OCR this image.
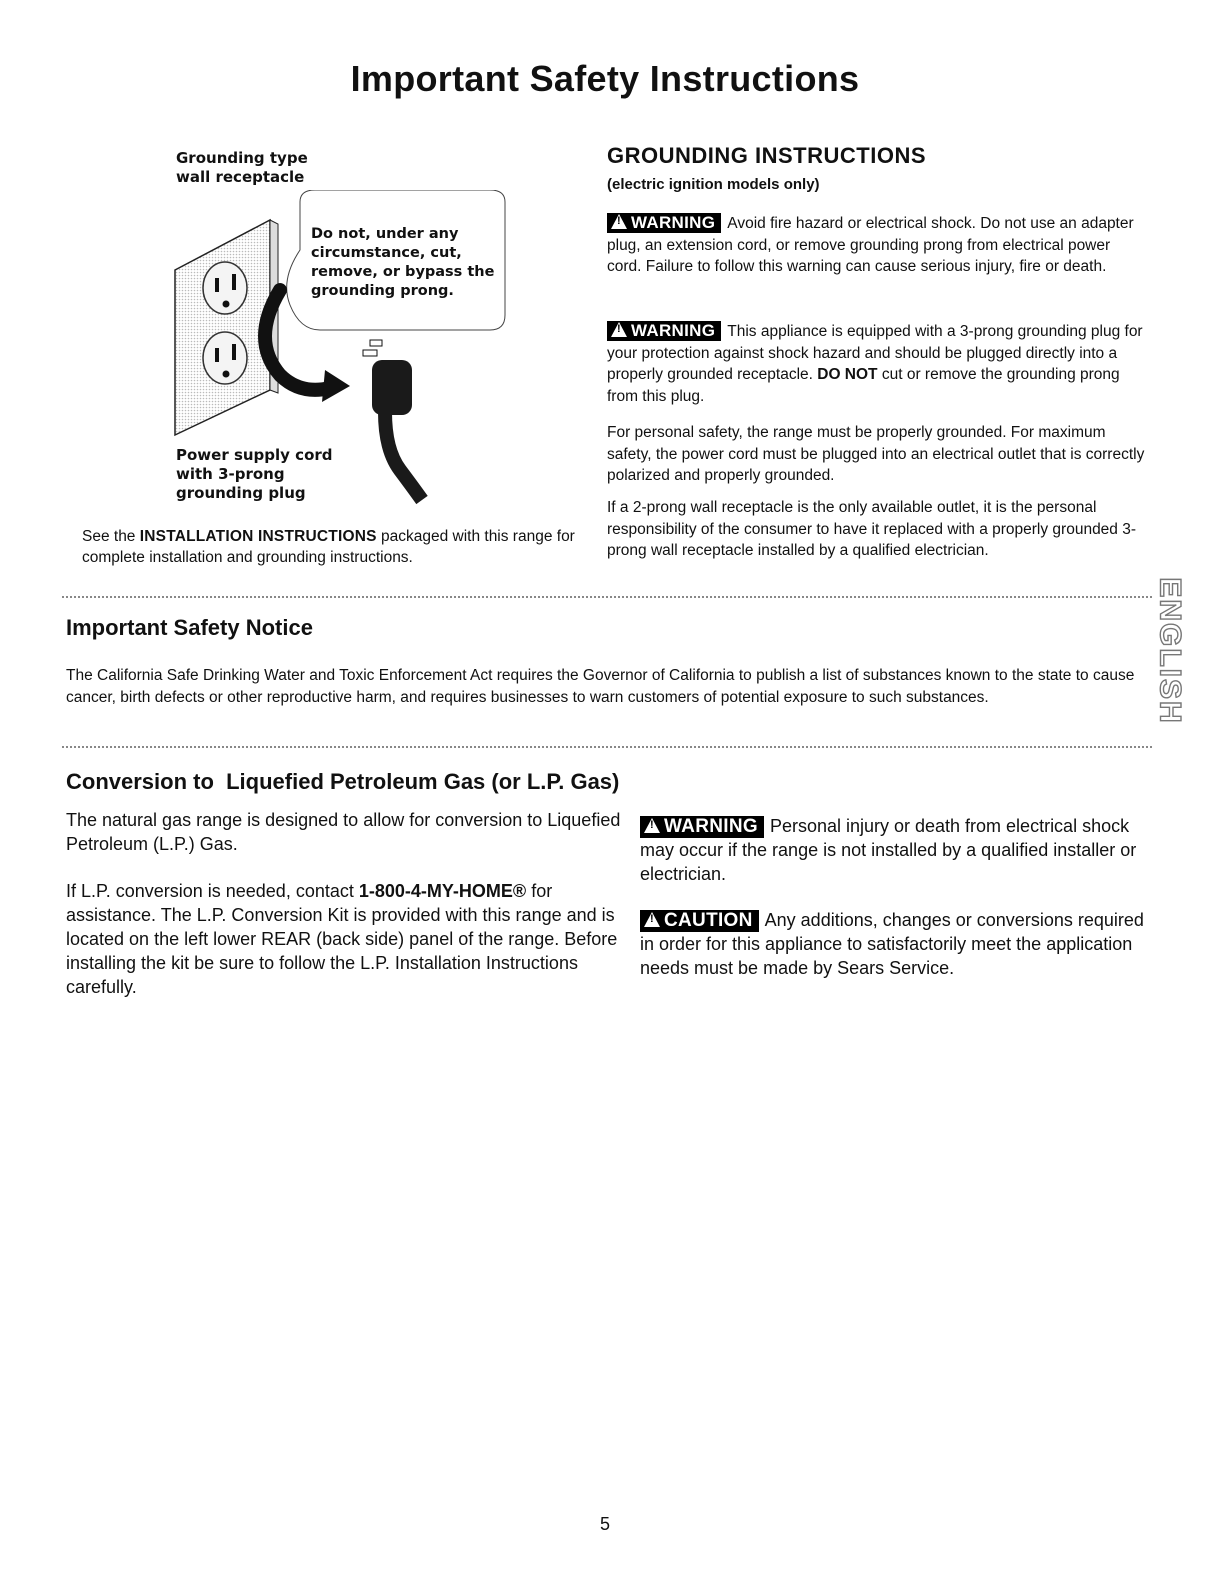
Important Safety Instructions
Grounding type
wall receptacle
Do not, under any circumstance, cut, remove, or bypass the grounding prong.
Power supply cord
with 3-prong
grounding plug
See the INSTALLATION INSTRUCTIONS packaged with this range for complete installation and grounding instructions.
GROUNDING INSTRUCTIONS
(electric ignition models only)
!WARNING Avoid fire hazard or electrical shock. Do not use an adapter plug, an extension cord, or remove grounding prong from electrical power cord. Failure to follow this warning can cause serious injury, fire or death.
!WARNING This appliance is equipped with a 3-prong grounding plug for your protection against shock hazard and should be plugged directly into a properly grounded receptacle. DO NOT cut or remove the grounding prong from this plug.
For personal safety, the range must be properly grounded. For maximum safety, the power cord must be plugged into an electrical outlet that is correctly polarized and properly grounded.
If a 2-prong wall receptacle is the only available outlet, it is the personal responsibility of the consumer to have it replaced with a properly grounded 3-prong wall receptacle installed by a qualified electrician.
Important Safety Notice
The California Safe Drinking Water and Toxic Enforcement Act requires the Governor of California to publish a list of substances known to the state to cause cancer, birth defects or other reproductive harm, and requires businesses to warn customers of potential exposure to such substances.
Conversion to  Liquefied Petroleum Gas (or L.P. Gas)
The natural gas range is designed to allow for conversion to Liquefied Petroleum (L.P.) Gas.
If L.P. conversion is needed, contact 1-800-4-MY-HOME® for assistance. The L.P. Conversion Kit is provided with this range and is located on the left lower REAR (back side) panel of the range. Before installing the kit be sure to follow the L.P. Installation Instructions carefully.
!WARNING Personal injury or death from electrical shock may occur if the range is not installed by a qualified installer or electrician.
!CAUTION Any additions, changes or conversions required in order for this appliance to satisfactorily meet the application needs must be made by Sears Service.
ENGLISH
5
